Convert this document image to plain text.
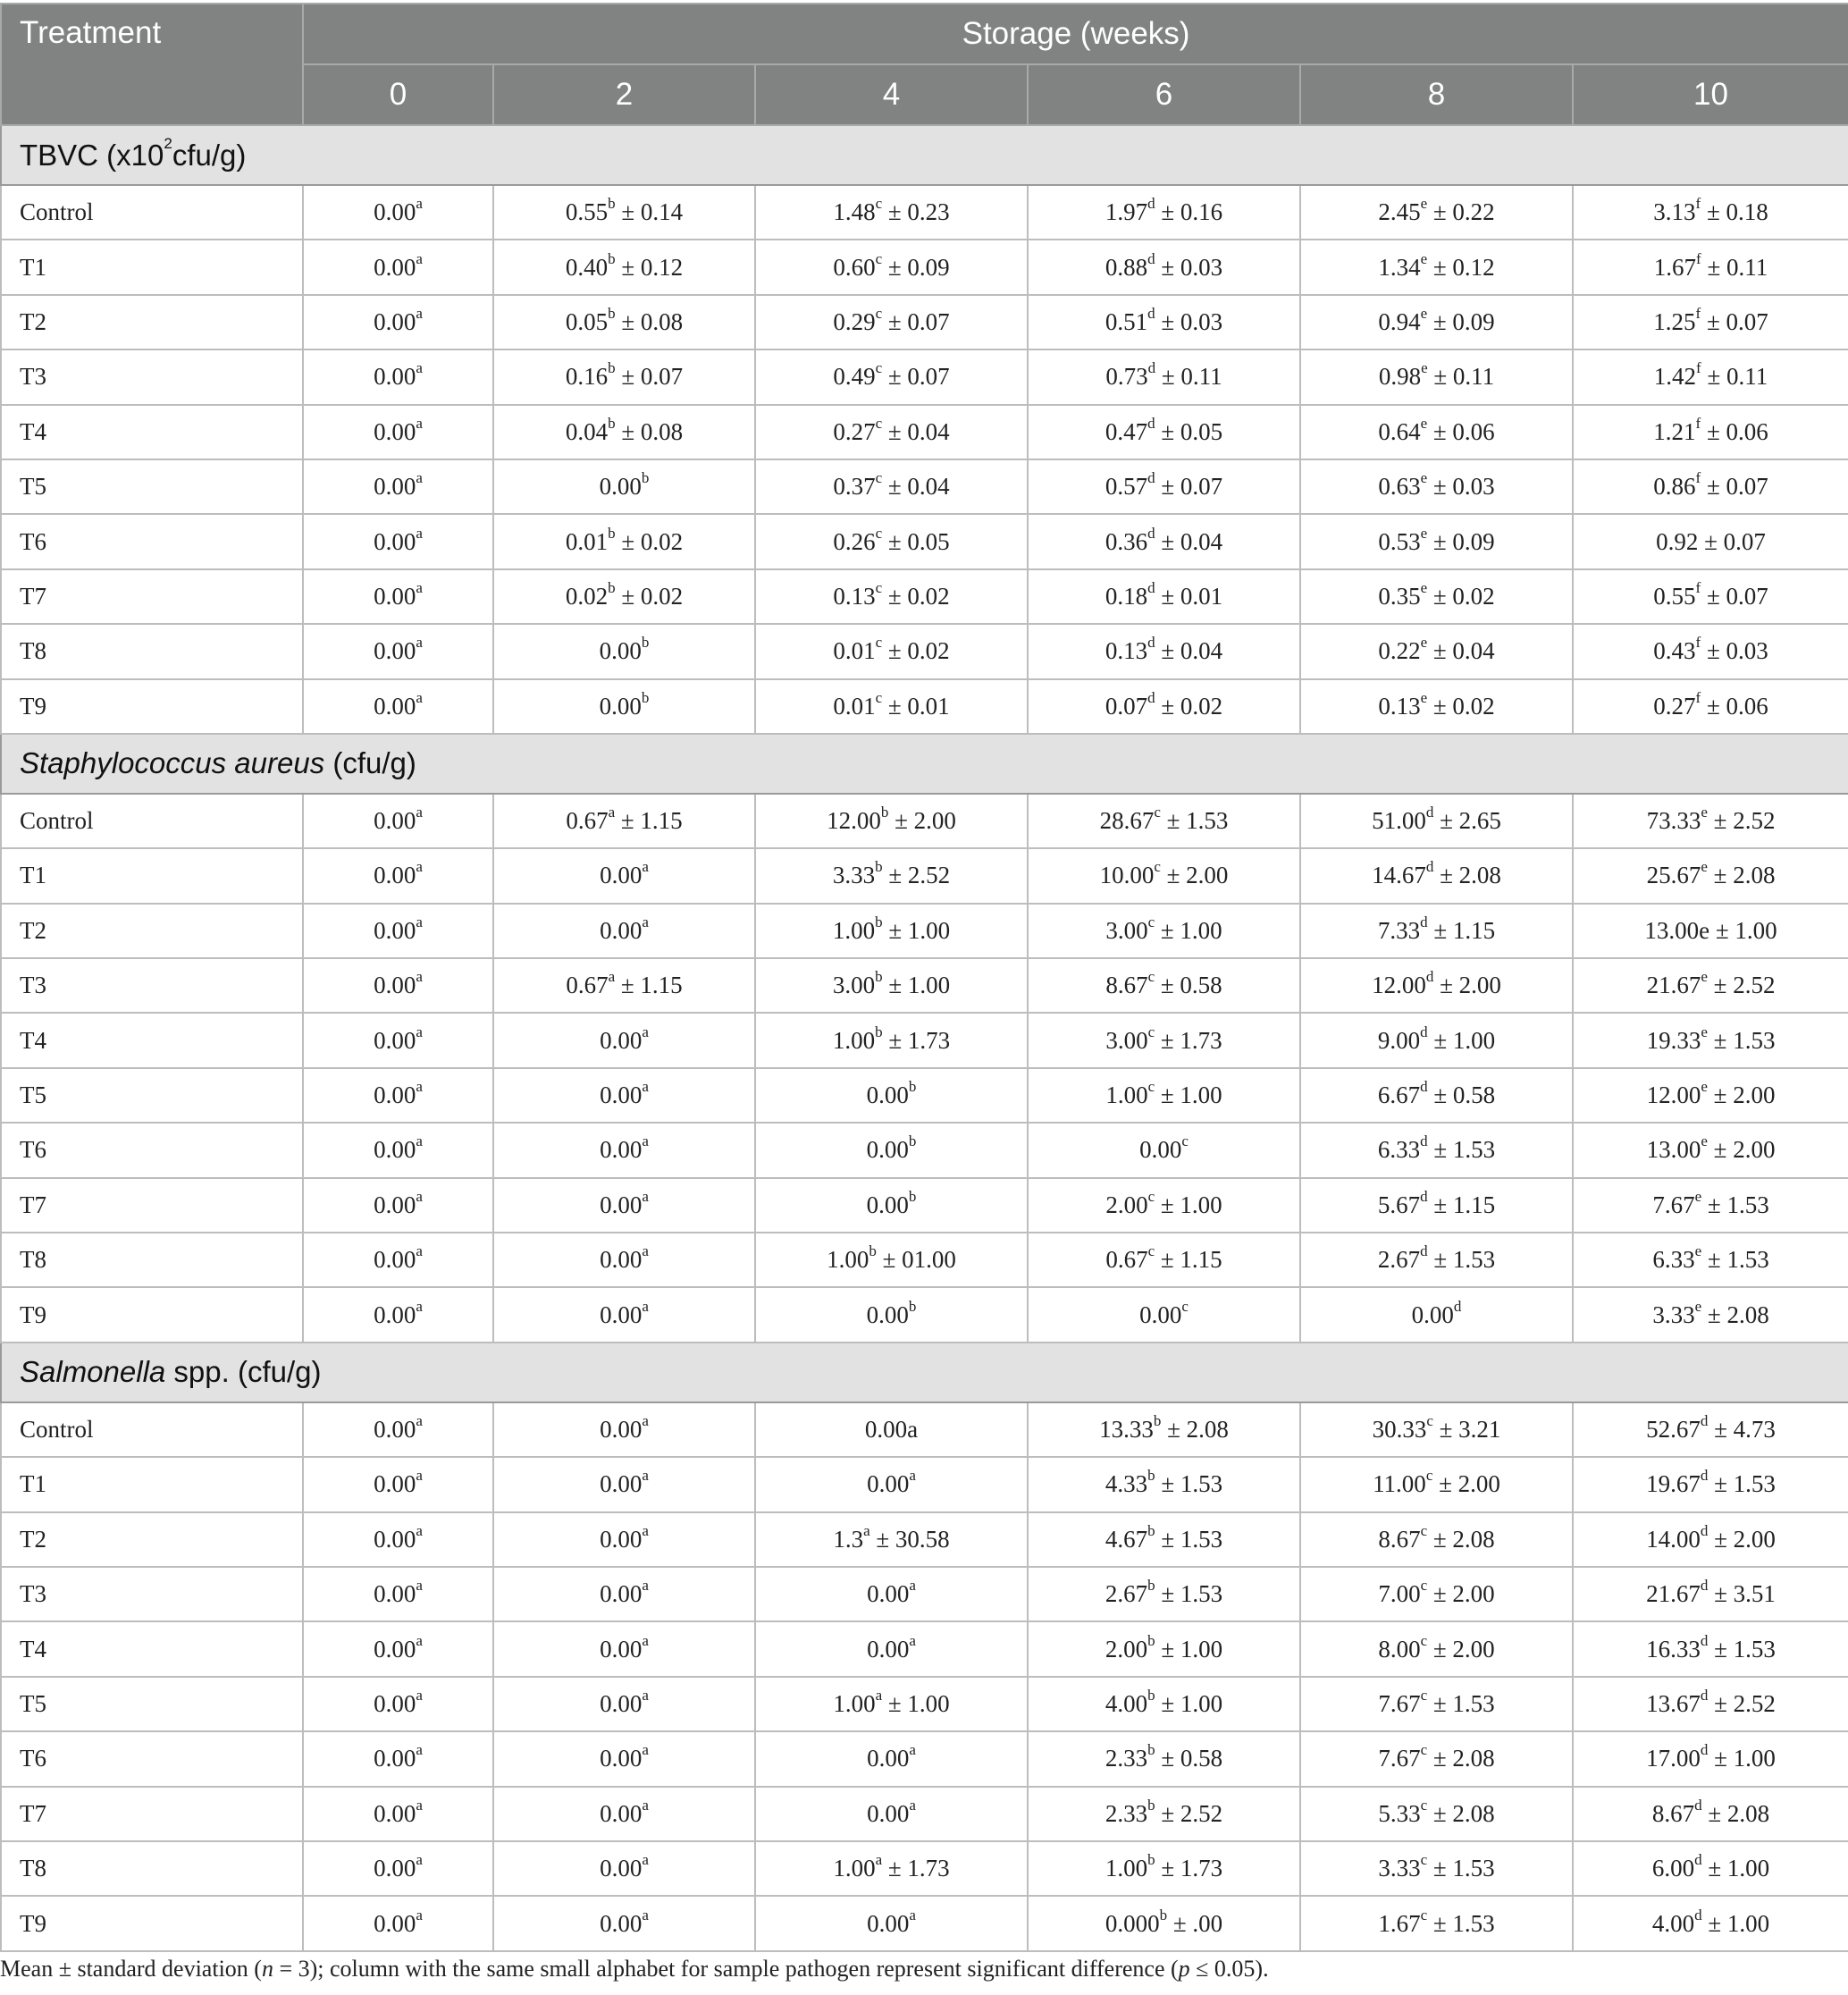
Treatment	Storage (weeks)					
	0	2	4	6	8	10
TBVC $(x10^2cfu/g)$						
Control	0.00$^a$	0.55$^b$ ± 0.14	1.48$^c$ ± 0.23	1.97$^d$ ± 0.16	2.45$^e$ ± 0.22	3.13$^f$ ± 0.18
T1	0.00$^a$	0.40$^b$ ± 0.12	0.60$^c$ ± 0.09	0.88$^d$ ± 0.03	1.34$^e$ ± 0.12	1.67$^f$ ± 0.11
T2	0.00$^a$	0.05$^b$ ± 0.08	0.29$^c$ ± 0.07	0.51$^d$ ± 0.03	0.94$^e$ ± 0.09	1.25$^f$ ± 0.07
T3	0.00$^a$	0.16$^b$ ± 0.07	0.49$^c$ ± 0.07	0.73$^d$ ± 0.11	0.98$^e$ ± 0.11	1.42$^f$ ± 0.11
T4	0.00$^a$	0.04$^b$ ± 0.08	0.27$^c$ ± 0.04	0.47$^d$ ± 0.05	0.64$^e$ ± 0.06	1.21$^f$ ± 0.06
T5	0.00$^a$	0.00$^b$	0.37$^c$ ± 0.04	0.57$^d$ ± 0.07	0.63$^e$ ± 0.03	0.86$^f$ ± 0.07
T6	0.00$^a$	0.01$^b$ ± 0.02	0.26$^c$ ± 0.05	0.36$^d$ ± 0.04	0.53$^e$ ± 0.09	0.92 ± 0.07
T7	0.00$^a$	0.02$^b$ ± 0.02	0.13$^c$ ± 0.02	0.18$^d$ ± 0.01	0.35$^e$ ± 0.02	0.55$^f$ ± 0.07
T8	0.00$^a$	0.00$^b$	0.01$^c$ ± 0.02	0.13$^d$ ± 0.04	0.22$^e$ ± 0.04	0.43$^f$ ± 0.03
T9	0.00$^a$	0.00$^b$	0.01$^c$ ± 0.01	0.07$^d$ ± 0.02	0.13$^e$ ± 0.02	0.27$^f$ ± 0.06
Staphylococcus aureus (cfu/g)						
Control	0.00$^a$	0.67$^a$ ± 1.15	12.00$^b$ ± 2.00	28.67$^c$ ± 1.53	51.00$^d$ ± 2.65	73.33$^e$ ± 2.52
T1	0.00$^a$	0.00$^a$	3.33$^b$ ± 2.52	10.00$^c$ ± 2.00	14.67$^d$ ± 2.08	25.67$^e$ ± 2.08
T2	0.00$^a$	0.00$^a$	1.00$^b$ ± 1.00	3.00$^c$ ± 1.00	7.33$^d$ ± 1.15	13.00e ± 1.00
T3	0.00$^a$	0.67$^a$ ± 1.15	3.00$^b$ ± 1.00	8.67$^c$ ± 0.58	12.00$^d$ ± 2.00	21.67$^e$ ± 2.52
T4	0.00$^a$	0.00$^a$	1.00$^b$ ± 1.73	3.00$^c$ ± 1.73	9.00$^d$ ± 1.00	19.33$^e$ ± 1.53
T5	0.00$^a$	0.00$^a$	0.00$^b$	1.00$^c$ ± 1.00	6.67$^d$ ± 0.58	12.00$^e$ ± 2.00
T6	0.00$^a$	0.00$^a$	0.00$^b$	0.00$^c$	6.33$^d$ ± 1.53	13.00$^e$ ± 2.00
T7	0.00$^a$	0.00$^a$	0.00$^b$	2.00$^c$ ± 1.00	5.67$^d$ ± 1.15	7.67$^e$ ± 1.53
T8	0.00$^a$	0.00$^a$	1.00$^b$ ± 01.00	0.67$^c$ ± 1.15	2.67$^d$ ± 1.53	6.33$^e$ ± 1.53
T9	0.00$^a$	0.00$^a$	0.00$^b$	0.00$^c$	0.00$^d$	3.33$^e$ ± 2.08
Salmonella spp. (cfu/g)						
Control	0.00$^a$	0.00$^a$	0.00a	13.33$^b$ ± 2.08	30.33$^c$ ± 3.21	52.67$^d$ ± 4.73
T1	0.00$^a$	0.00$^a$	0.00$^a$	4.33$^b$ ± 1.53	11.00$^c$ ± 2.00	19.67$^d$ ± 1.53
T2	0.00$^a$	0.00$^a$	1.3$^a$ ± 30.58	4.67$^b$ ± 1.53	8.67$^c$ ± 2.08	14.00$^d$ ± 2.00
T3	0.00$^a$	0.00$^a$	0.00$^a$	2.67$^b$ ± 1.53	7.00$^c$ ± 2.00	21.67$^d$ ± 3.51
T4	0.00$^a$	0.00$^a$	0.00$^a$	2.00$^b$ ± 1.00	8.00$^c$ ± 2.00	16.33$^d$ ± 1.53
T5	0.00$^a$	0.00$^a$	1.00$^a$ ± 1.00	4.00$^b$ ± 1.00	7.67$^c$ ± 1.53	13.67$^d$ ± 2.52
T6	0.00$^a$	0.00$^a$	0.00$^a$	2.33$^b$ ± 0.58	7.67$^c$ ± 2.08	17.00$^d$ ± 1.00
T7	0.00$^a$	0.00$^a$	0.00$^a$	2.33$^b$ ± 2.52	5.33$^c$ ± 2.08	8.67$^d$ ± 2.08
T8	0.00$^a$	0.00$^a$	1.00$^a$ ± 1.73	1.00$^b$ ± 1.73	3.33$^c$ ± 1.53	6.00$^d$ ± 1.00
T9	0.00$^a$	0.00$^a$	0.00$^a$	0.000$^b$ ± .00	1.67$^c$ ± 1.53	4.00$^d$ ± 1.00
Mean ± standard deviation (n = 3); column with the same small alphabet for sample pathogen represent significant difference (p ≤ 0.05).
